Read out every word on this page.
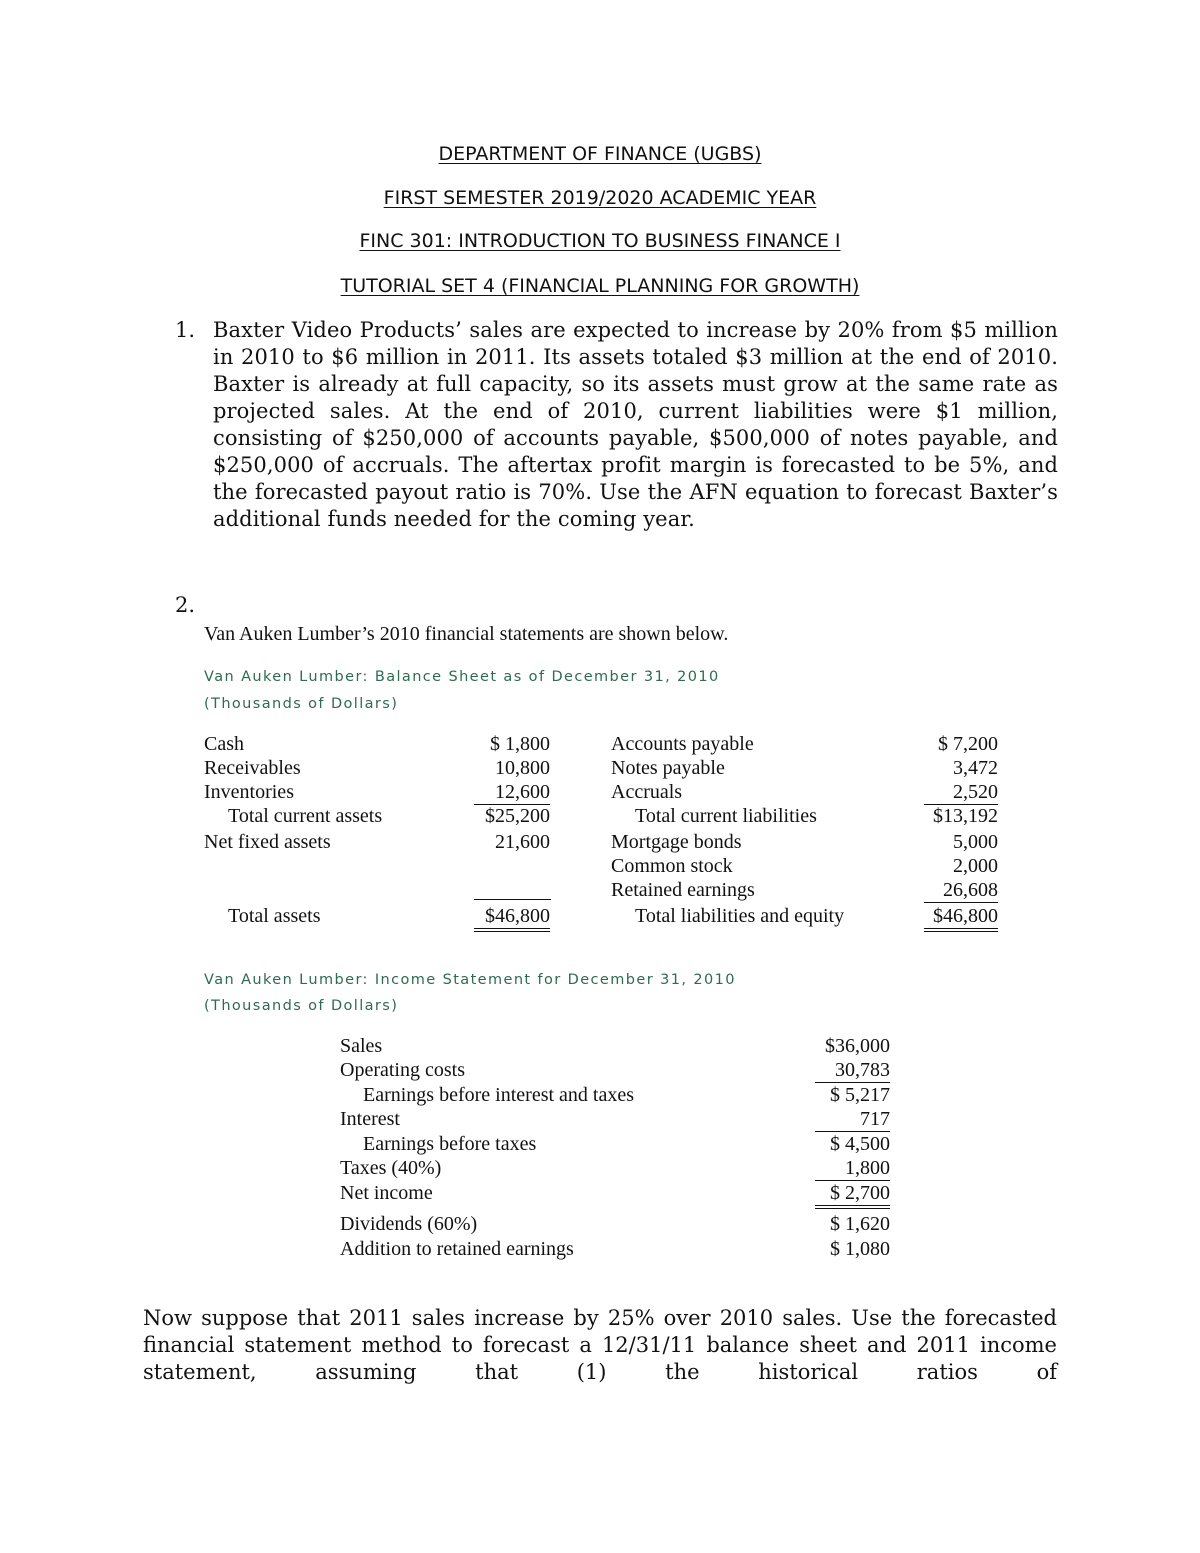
DEPARTMENT OF FINANCE (UGBS)
FIRST SEMESTER 2019/2020 ACADEMIC YEAR
FINC 301: INTRODUCTION TO BUSINESS FINANCE I
TUTORIAL SET 4 (FINANCIAL PLANNING FOR GROWTH)
1. Baxter Video Products’ sales are expected to increase by 20% from $5 million in 2010 to $6 million in 2011. Its assets totaled $3 million at the end of 2010. Baxter is already at full capacity, so its assets must grow at the same rate as projected sales. At the end of 2010, current liabilities were $1 million, consisting of $250,000 of accounts payable, $500,000 of notes payable, and $250,000 of accruals. The aftertax profit margin is forecasted to be 5%, and the forecasted payout ratio is 70%. Use the AFN equation to forecast Baxter’s additional funds needed for the coming year.
2.
Van Auken Lumber’s 2010 financial statements are shown below.
Van Auken Lumber: Balance Sheet as of December 31, 2010
(Thousands of Dollars)
Cash	$ 1,800
Receivables	10,800
Inventories	12,600
Total current assets	$25,200
Net fixed assets	21,600
Total assets	$46,800
Accounts payable	$ 7,200
Notes payable	3,472
Accruals	2,520
Total current liabilities	$13,192
Mortgage bonds	5,000
Common stock	2,000
Retained earnings	26,608
Total liabilities and equity	$46,800
Van Auken Lumber: Income Statement for December 31, 2010
(Thousands of Dollars)
Sales	$36,000
Operating costs	30,783
Earnings before interest and taxes	$ 5,217
Interest	717
Earnings before taxes	$ 4,500
Taxes (40%)	1,800
Net income	$ 2,700
Dividends (60%)	$ 1,620
Addition to retained earnings	$ 1,080
Now suppose that 2011 sales increase by 25% over 2010 sales. Use the forecasted financial statement method to forecast a 12/31/11 balance sheet and 2011 income statement, assuming that (1) the historical ratios of
